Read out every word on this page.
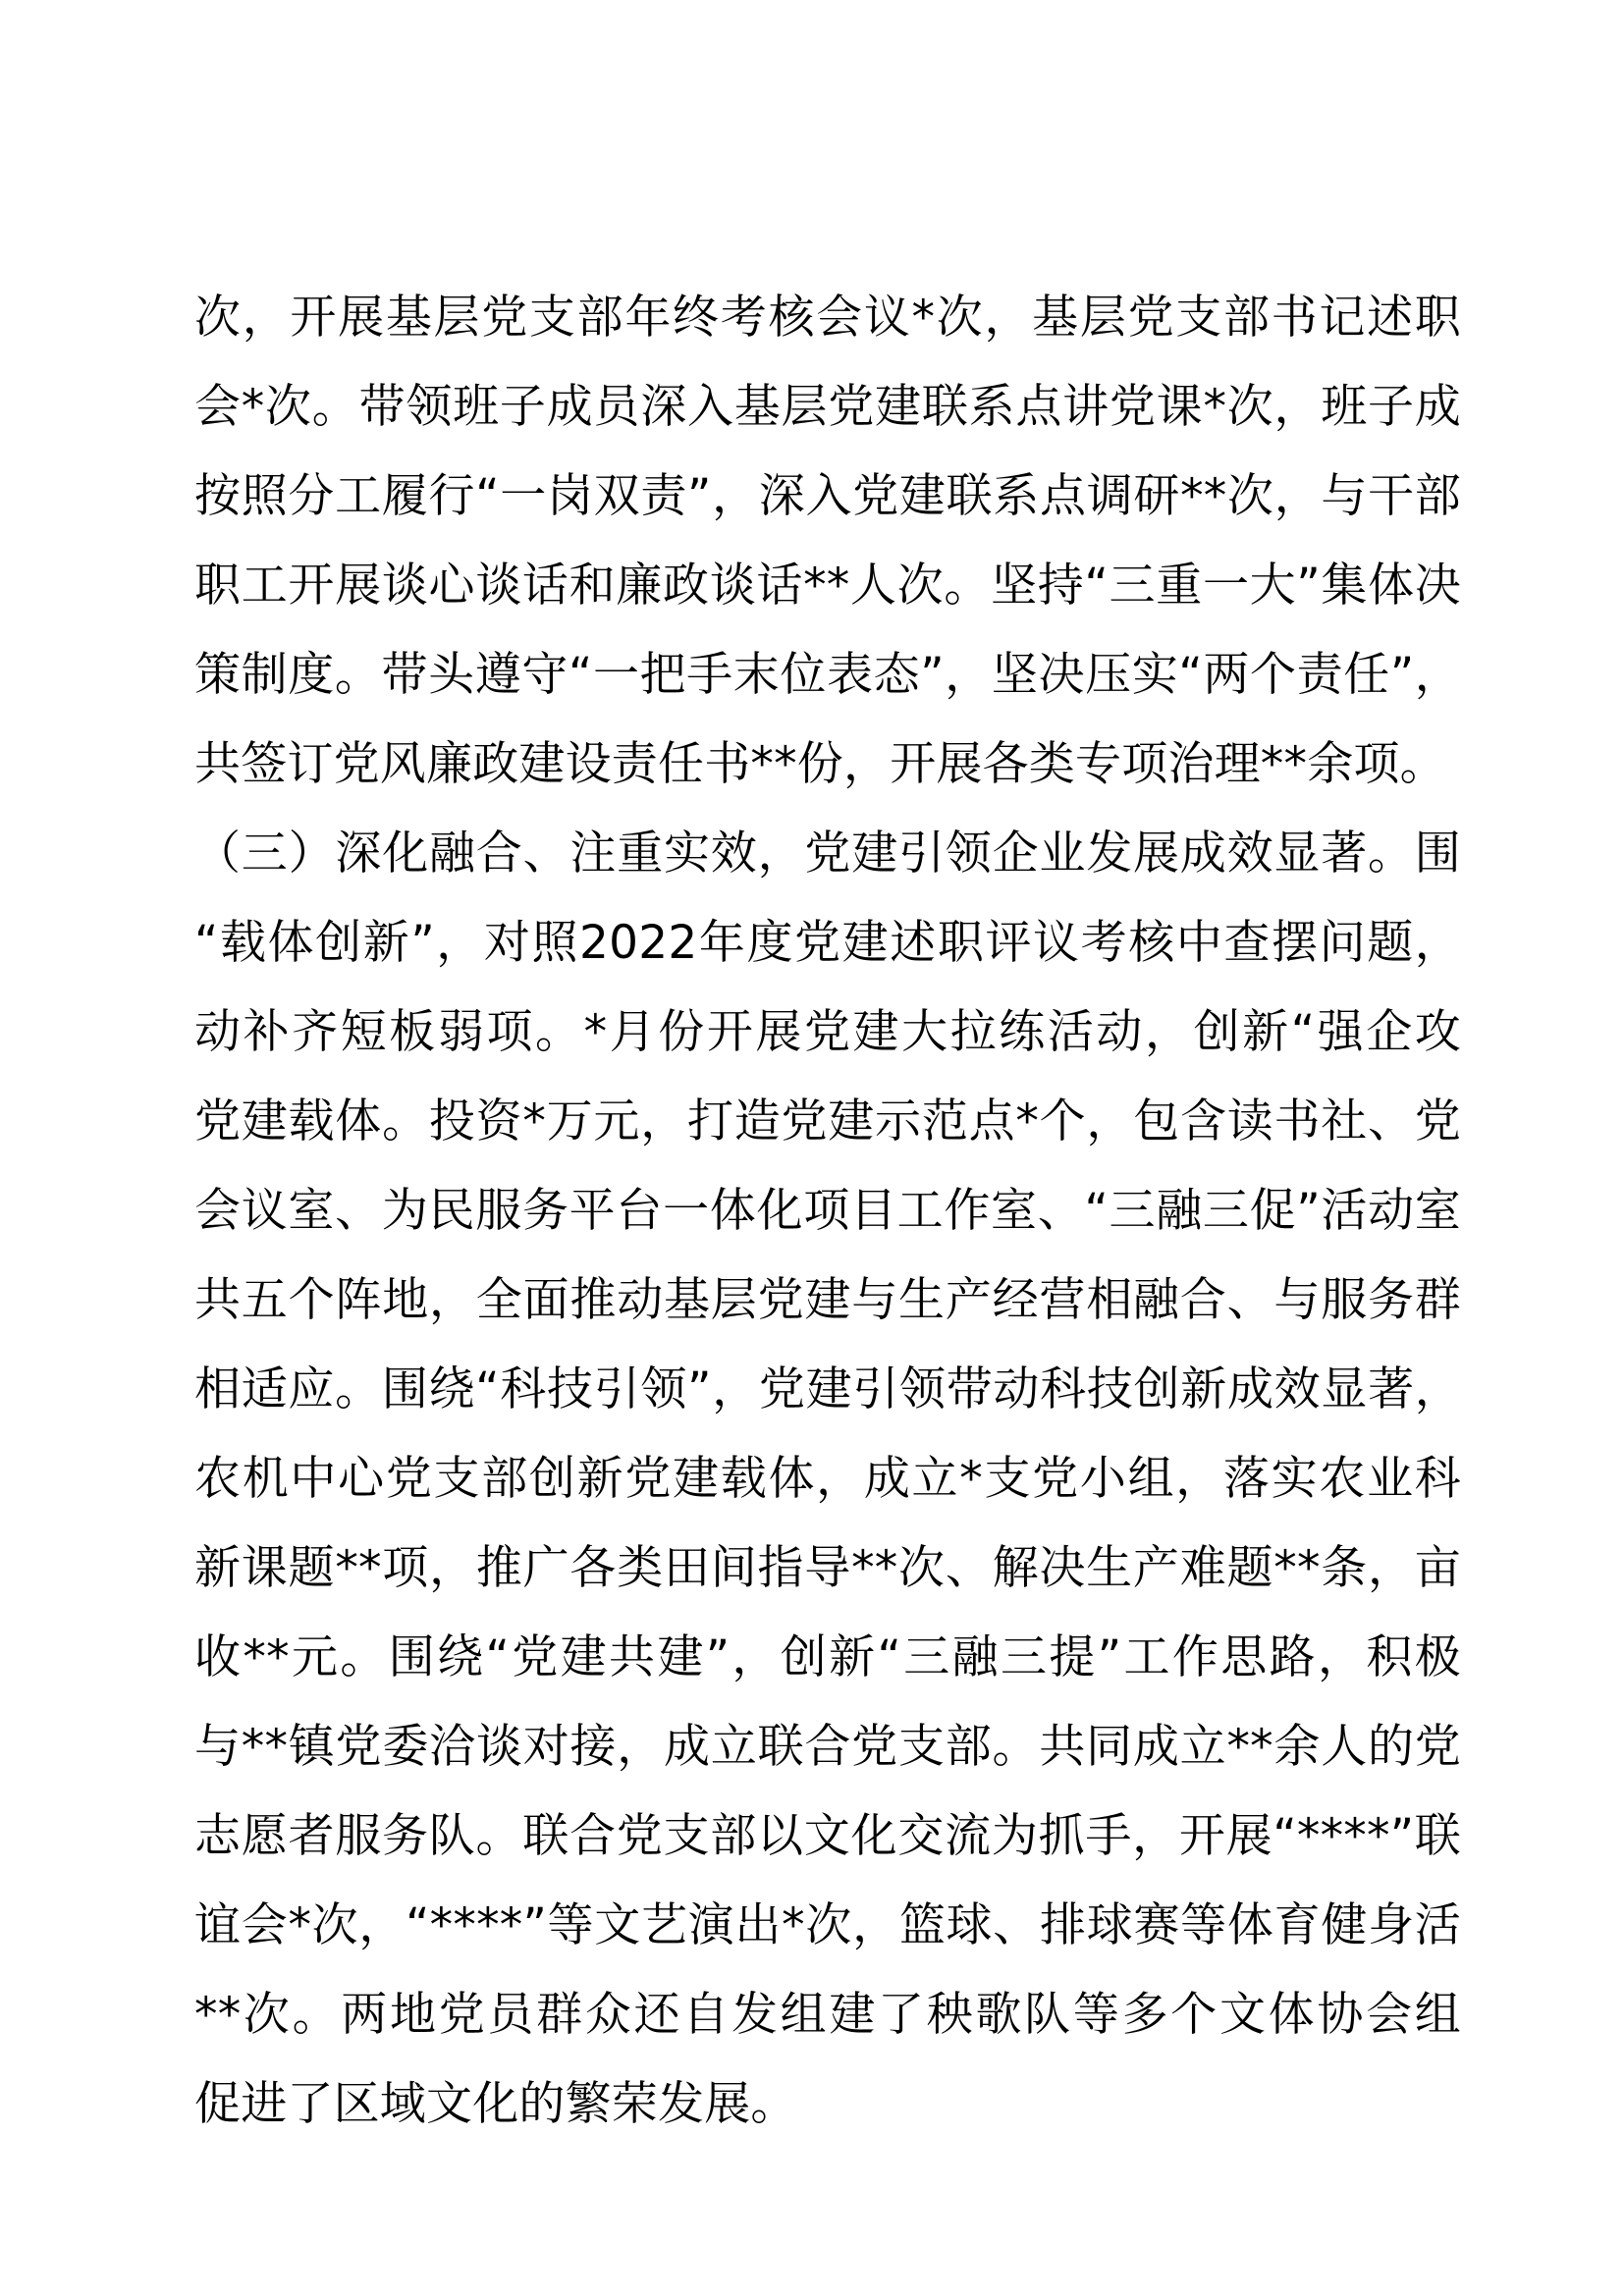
次，开展基层党支部年终考核会议*次，基层党支部书记述职
会*次。带领班子成员深入基层党建联系点讲党课*次，班子成
按照分工履行“一岗双责”，深入党建联系点调研**次，与干部
职工开展谈心谈话和廉政谈话**人次。坚持“三重一大”集体决
策制度。带头遵守“一把手末位表态”，坚决压实“两个责任”，
共签订党风廉政建设责任书**份，开展各类专项治理**余项。
（三）深化融合、注重实效，党建引领企业发展成效显著。围
“载体创新”，对照2022年度党建述职评议考核中查摆问题，
动补齐短板弱项。*月份开展党建大拉练活动，创新“强企攻
党建载体。投资*万元，打造党建示范点*个，包含读书社、党
会议室、为民服务平台一体化项目工作室、“三融三促”活动室
共五个阵地，全面推动基层党建与生产经营相融合、与服务群
相适应。围绕“科技引领”，党建引领带动科技创新成效显著，
农机中心党支部创新党建载体，成立*支党小组，落实农业科
新课题**项，推广各类田间指导**次、解决生产难题**条，亩
收**元。围绕“党建共建”，创新“三融三提”工作思路，积极
与**镇党委洽谈对接，成立联合党支部。共同成立**余人的党
志愿者服务队。联合党支部以文化交流为抓手，开展“****”联
谊会*次，“****”等文艺演出*次，篮球、排球赛等体育健身活
**次。两地党员群众还自发组建了秧歌队等多个文体协会组
促进了区域文化的繁荣发展。
